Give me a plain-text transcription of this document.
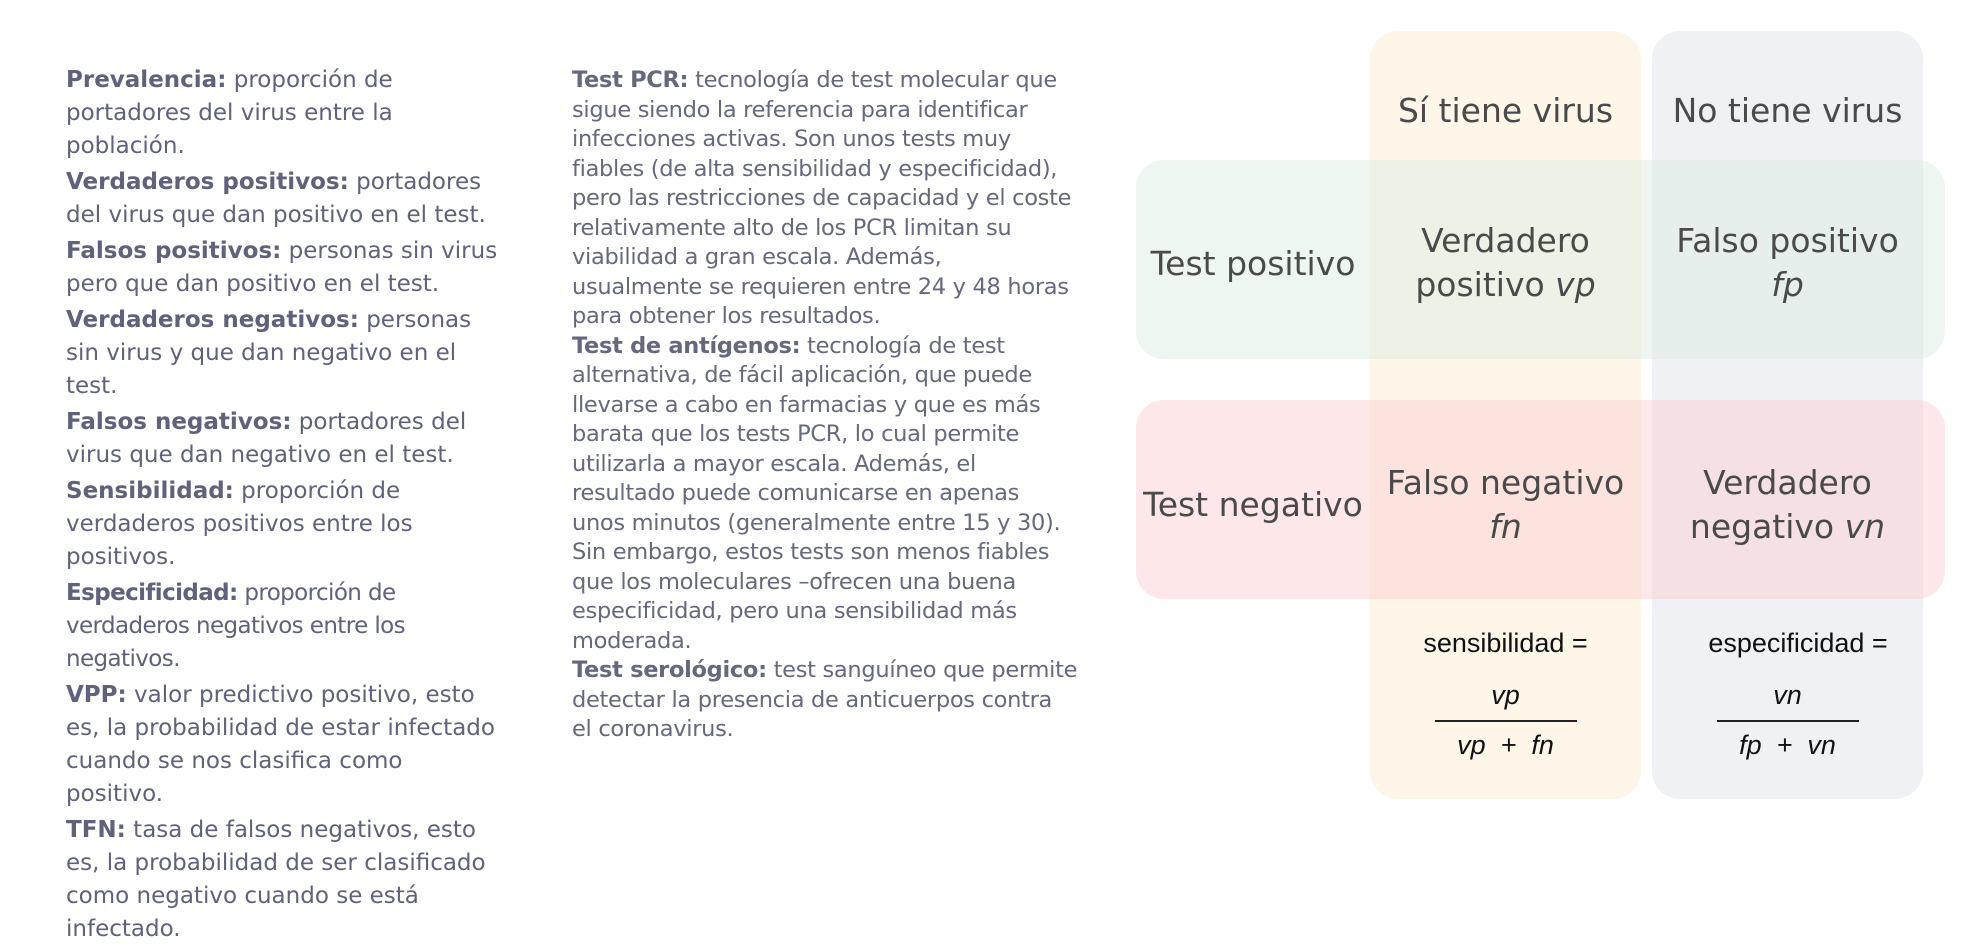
Prevalencia: proporción de portadores del virus entre la población.
Verdaderos positivos: portadores del virus que dan positivo en el test.
Falsos positivos: personas sin virus pero que dan positivo en el test.
Verdaderos negativos: personas sin virus y que dan negativo en el test.
Falsos negativos: portadores del virus que dan negativo en el test.
Sensibilidad: proporción de verdaderos positivos entre los positivos.
Especificidad: proporción de verdaderos negativos entre los negativos.
VPP: valor predictivo positivo, esto es, la probabilidad de estar infectado cuando se nos clasifica como positivo.
TFN: tasa de falsos negativos, esto es, la probabilidad de ser clasificado como negativo cuando se está infectado.
Test PCR: tecnología de test molecular que sigue siendo la referencia para identificar infecciones activas. Son unos tests muy fiables (de alta sensibilidad y especificidad), pero las restricciones de capacidad y el coste relativamente alto de los PCR limitan su viabilidad a gran escala. Además, usualmente se requieren entre 24 y 48 horas para obtener los resultados.
Test de antígenos: tecnología de test alternativa, de fácil aplicación, que puede llevarse a cabo en farmacias y que es más barata que los tests PCR, lo cual permite utilizarla a mayor escala. Además, el resultado puede comunicarse en apenas unos minutos (generalmente entre 15 y 30). Sin embargo, estos tests son menos fiables que los moleculares –ofrecen una buena especificidad, pero una sensibilidad más moderada.
Test serológico: test sanguíneo que permite detectar la presencia de anticuerpos contra el coronavirus.
Sí tiene virus	No tiene virus
Test positivo
Test negativo
Verdadero positivo vp
Falso positivo
fp
Falso negativo
fn
Verdadero negativo vn
sensibilidad =
vp
vp  +  fn
especificidad =
vn
fp  +  vn
